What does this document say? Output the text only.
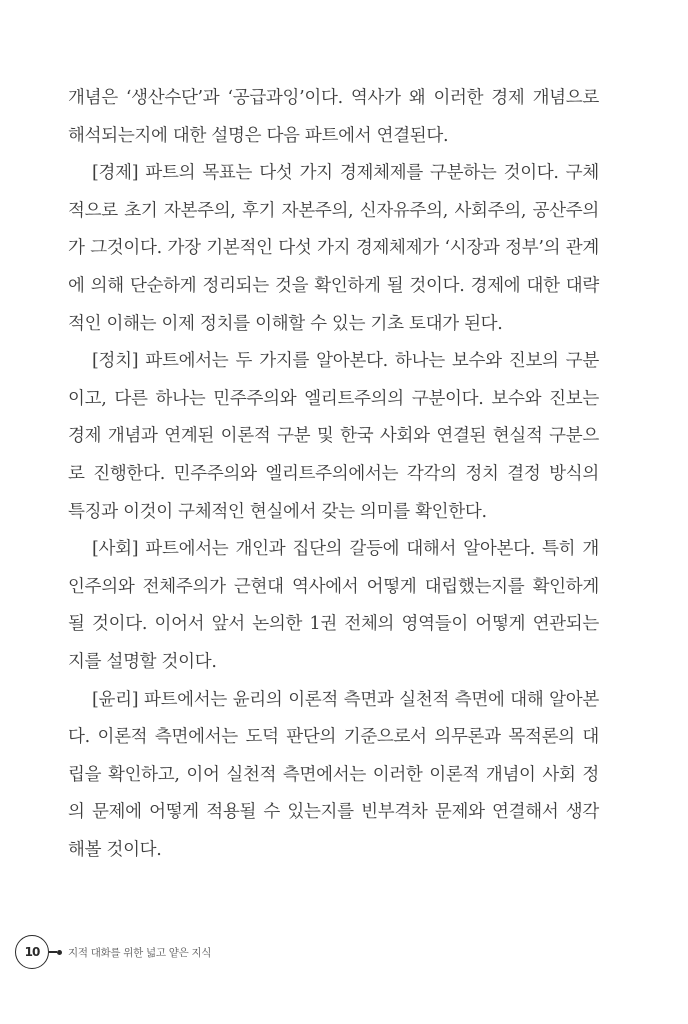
개념은 ‘생산수단’과 ‘공급과잉’이다. 역사가 왜 이러한 경제 개념으로
해석되는지에 대한 설명은 다음 파트에서 연결된다.
[경제] 파트의 목표는 다섯 가지 경제체제를 구분하는 것이다. 구체
적으로 초기 자본주의, 후기 자본주의, 신자유주의, 사회주의, 공산주의
가 그것이다. 가장 기본적인 다섯 가지 경제체제가 ‘시장과 정부’의 관계
에 의해 단순하게 정리되는 것을 확인하게 될 것이다. 경제에 대한 대략
적인 이해는 이제 정치를 이해할 수 있는 기초 토대가 된다.
[정치] 파트에서는 두 가지를 알아본다. 하나는 보수와 진보의 구분
이고, 다른 하나는 민주주의와 엘리트주의의 구분이다. 보수와 진보는
경제 개념과 연계된 이론적 구분 및 한국 사회와 연결된 현실적 구분으
로 진행한다. 민주주의와 엘리트주의에서는 각각의 정치 결정 방식의
특징과 이것이 구체적인 현실에서 갖는 의미를 확인한다.
[사회] 파트에서는 개인과 집단의 갈등에 대해서 알아본다. 특히 개
인주의와 전체주의가 근현대 역사에서 어떻게 대립했는지를 확인하게
될 것이다. 이어서 앞서 논의한 1권 전체의 영역들이 어떻게 연관되는
지를 설명할 것이다.
[윤리] 파트에서는 윤리의 이론적 측면과 실천적 측면에 대해 알아본
다. 이론적 측면에서는 도덕 판단의 기준으로서 의무론과 목적론의 대
립을 확인하고, 이어 실천적 측면에서는 이러한 이론적 개념이 사회 정
의 문제에 어떻게 적용될 수 있는지를 빈부격차 문제와 연결해서 생각
해볼 것이다.
10	지적 대화를 위한 넓고 얕은 지식
